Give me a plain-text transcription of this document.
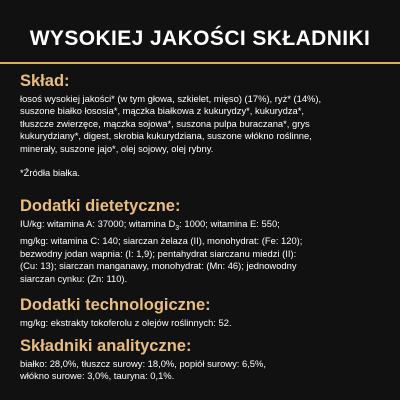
WYSOKIEJ JAKOŚCI SKŁADNIKI
Skład:
łosoś wysokiej jakości* (w tym głowa, szkielet, mięso) (17%), ryż* (14%),
suszone białko łososia*, mączka białkowa z kukurydzy*, kukurydza*,
tłuszcze zwierzęce, mączka sojowa*, suszona pulpa buraczana*, grys
kukurydziany*, digest, skrobia kukurydziana, suszone włókno roślinne,
minerały, suszone jajo*, olej sojowy, olej rybny.
*Źródła białka.
Dodatki dietetyczne:
IU/kg: witamina A: 37000; witamina $D_3$: 1000; witamina E: 550;
mg/kg: witamina C: 140; siarczan żelaza (II), monohydrat: (Fe: 120);
bezwodny jodan wapnia: (I: 1,9); pentahydrat siarczanu miedzi (II):
(Cu: 13); siarczan manganawy, monohydrat: (Mn: 46); jednowodny
siarczan cynku: (Zn: 110).
Dodatki technologiczne:
mg/kg: ekstrakty tokoferolu z olejów roślinnych: 52.
Składniki analityczne:
białko: 28,0%, tłuszcz surowy: 18,0%, popiół surowy: 6,5%,
włókno surowe: 3,0%, tauryna: 0,1%.
